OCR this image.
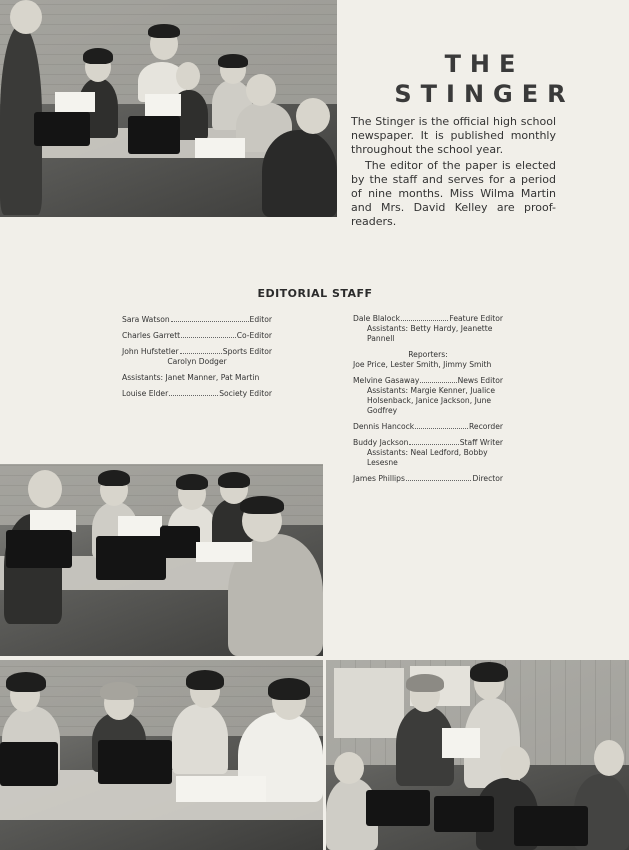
THE
STINGER

The Stinger is the official high school newspaper. It is published monthly throughout the school year.

The editor of the paper is elected by the staff and serves for a period of nine months. Miss Wilma Martin and Mrs. David Kelley are proof-readers.

EDITORIAL STAFF
Sara Watson	Editor
Charles Garrett	Co-Editor
John Hufstetler	Sports Editor
Carolyn Dodger
Assistants: Janet Manner, Pat Martin
Louise Elder	Society Editor
Dale Blalock	Feature Editor
Assistants: Betty Hardy, Jeanette Pannell
Reporters:
Joe Price, Lester Smith, Jimmy Smith
Melvine Gasaway	News Editor
Assistants: Margie Kenner, Jualice Holsenback, Janice Jackson, June Godfrey
Dennis Hancock	Recorder
Buddy Jackson	Staff Writer
Assistants: Neal Ledford, Bobby Lesesne
James Phillips	Director
